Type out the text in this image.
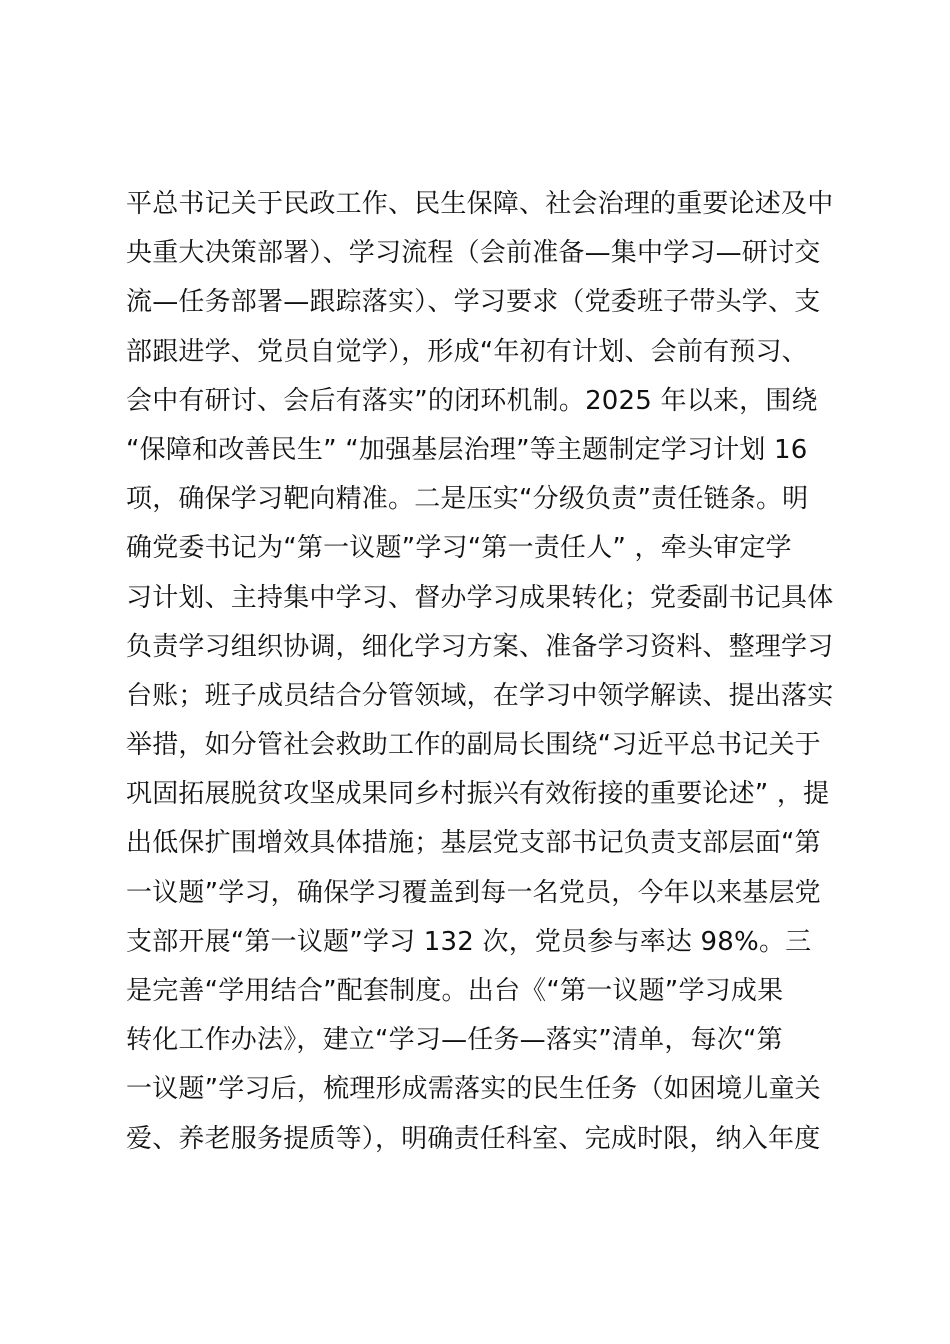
平总书记关于民政工作、民生保障、社会治理的重要论述及中
央重大决策部署）、学习流程（会前准备—集中学习—研讨交
流—任务部署—跟踪落实）、学习要求（党委班子带头学、支
部跟进学、党员自觉学），形成“年初有计划、会前有预习、
会中有研讨、会后有落实”的闭环机制。2025 年以来，围绕
“保障和改善民生” “加强基层治理”等主题制定学习计划 16
项，确保学习靶向精准。二是压实“分级负责”责任链条。明
确党委书记为“第一议题”学习“第一责任人” ，牵头审定学
习计划、主持集中学习、督办学习成果转化；党委副书记具体
负责学习组织协调，细化学习方案、准备学习资料、整理学习
台账；班子成员结合分管领域，在学习中领学解读、提出落实
举措，如分管社会救助工作的副局长围绕“习近平总书记关于
巩固拓展脱贫攻坚成果同乡村振兴有效衔接的重要论述” ，提
出低保扩围增效具体措施；基层党支部书记负责支部层面“第
一议题”学习，确保学习覆盖到每一名党员，今年以来基层党
支部开展“第一议题”学习 132 次，党员参与率达 98%。三
是完善“学用结合”配套制度。出台《“第一议题”学习成果
转化工作办法》，建立“学习—任务—落实”清单，每次“第
一议题”学习后，梳理形成需落实的民生任务（如困境儿童关
爱、养老服务提质等），明确责任科室、完成时限，纳入年度
